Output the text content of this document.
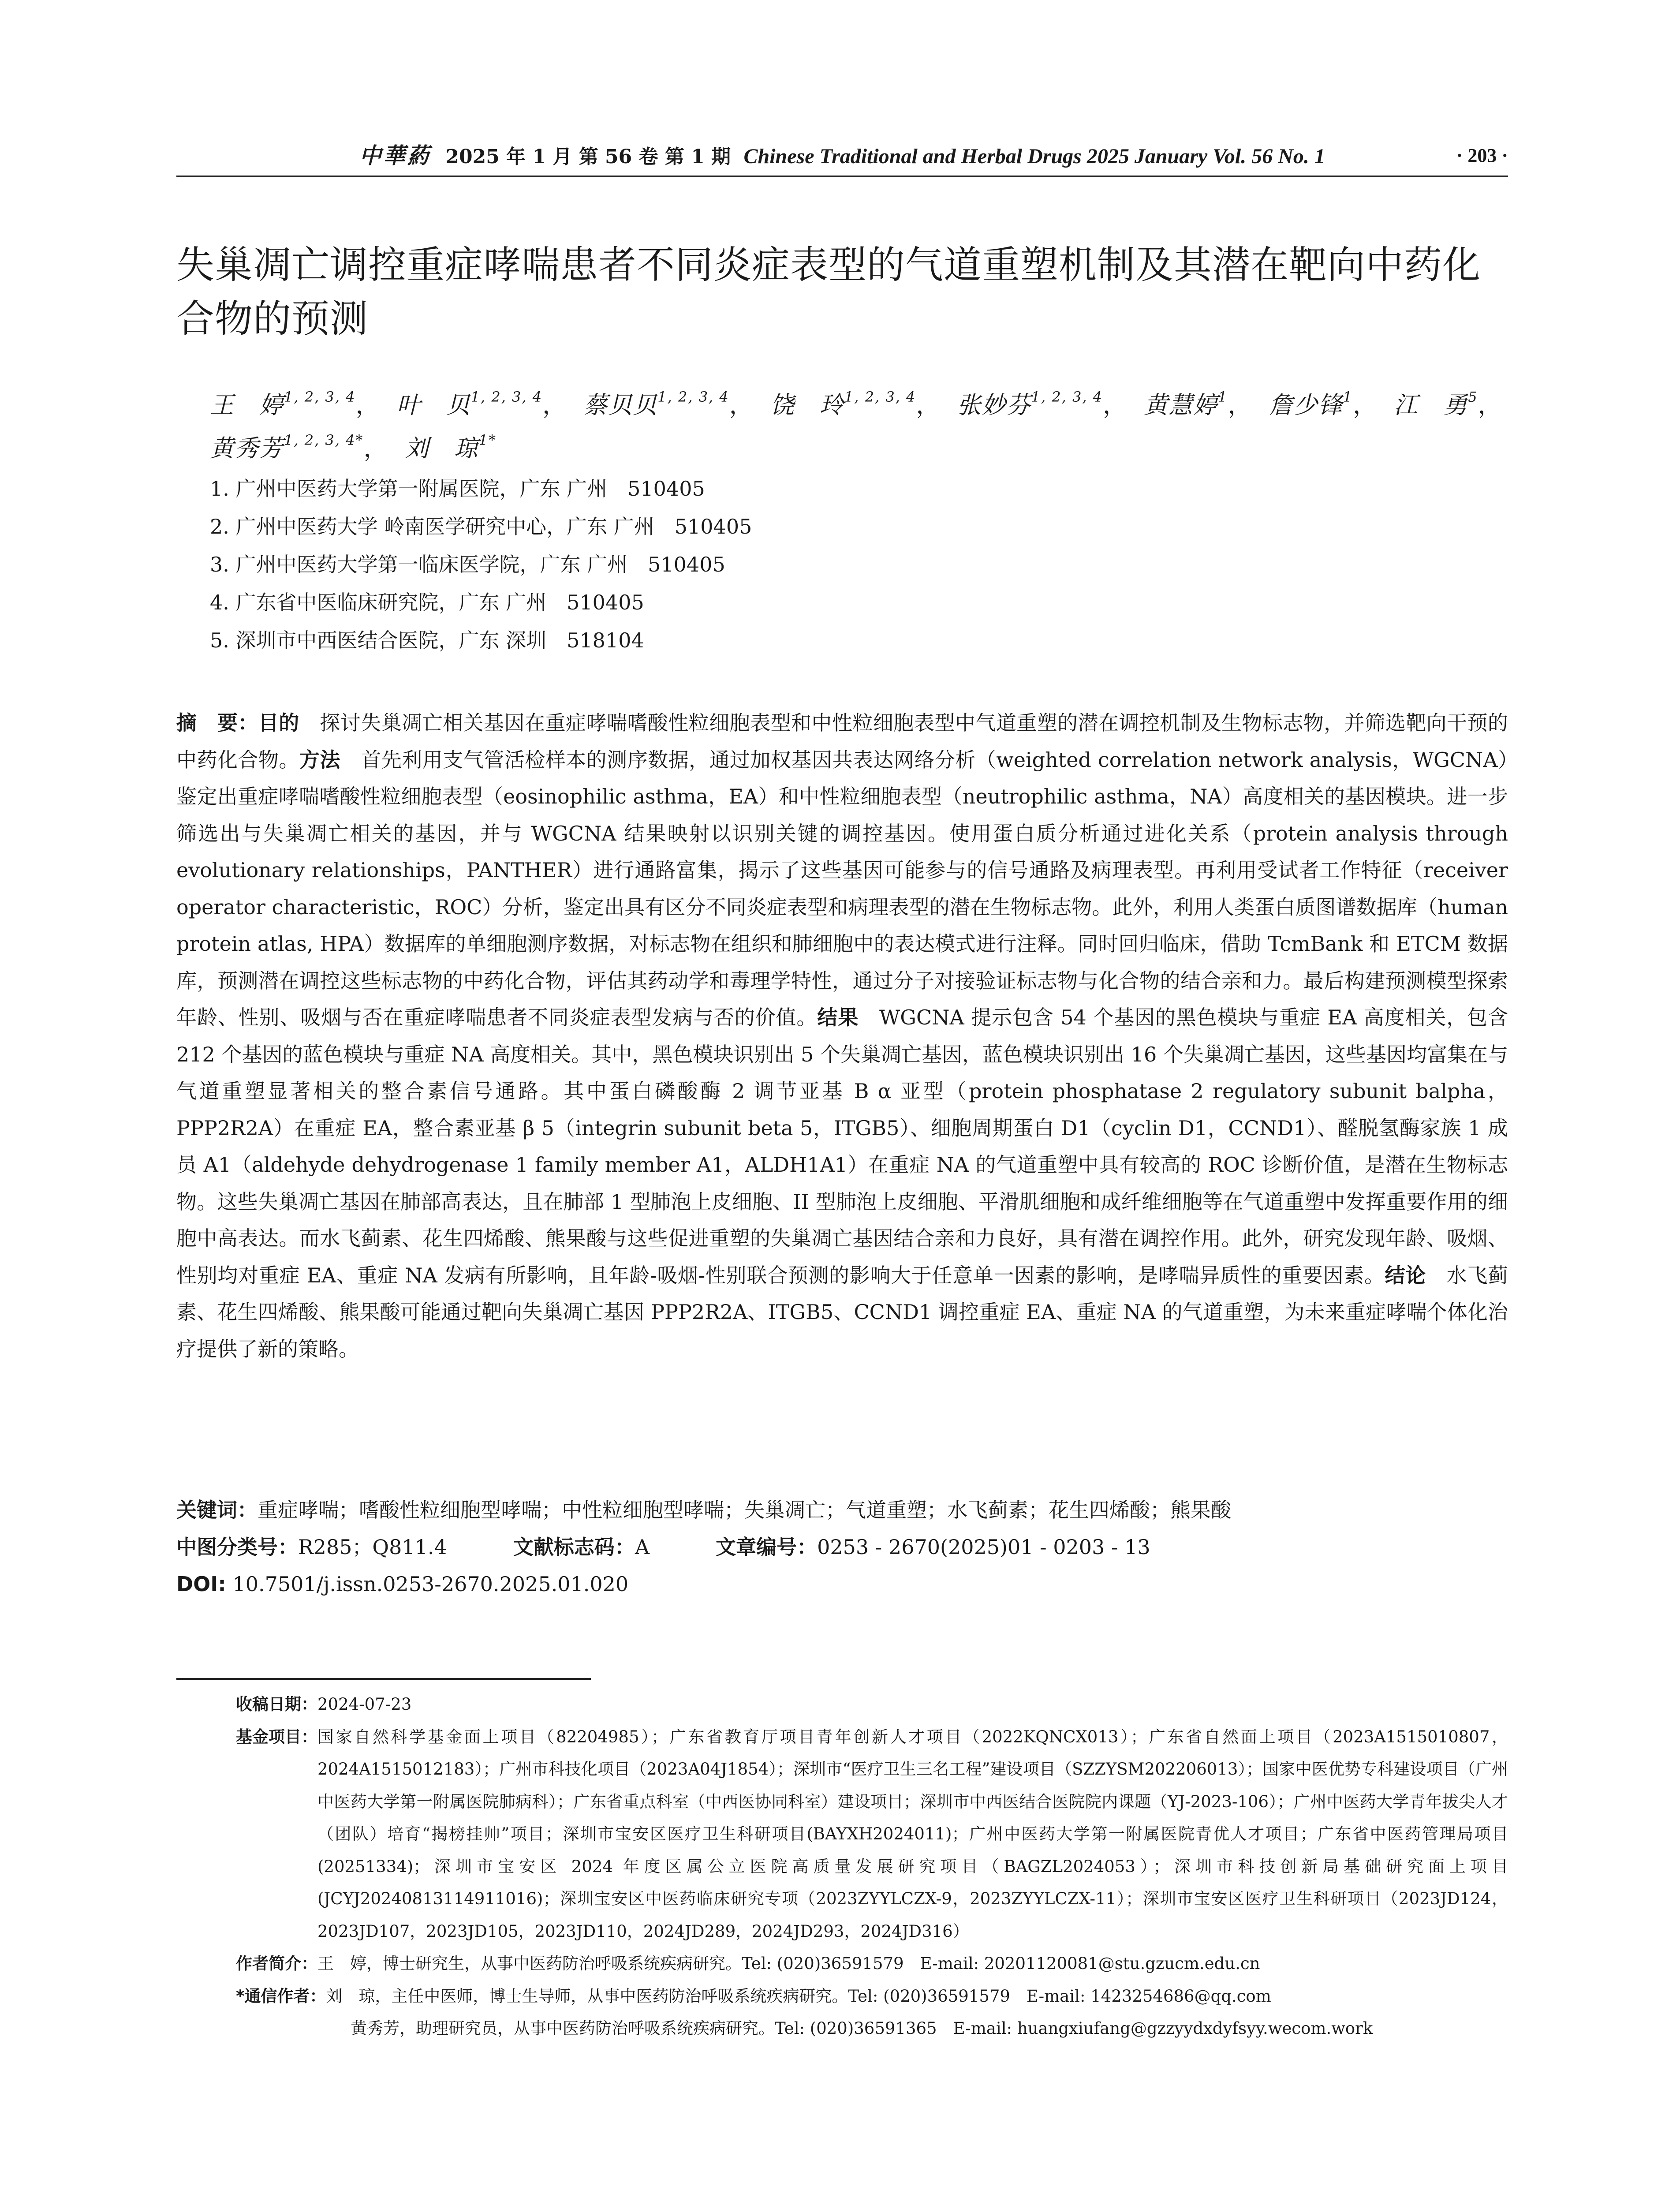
中華葯 2025 年 1 月 第 56 卷 第 1 期 Chinese Traditional and Herbal Drugs 2025 January Vol. 56 No. 1	· 203 ·
失巢凋亡调控重症哮喘患者不同炎症表型的气道重塑机制及其潜在靶向中药化合物的预测
王　婷$^{1, 2, 3, 4}$， 叶　贝$^{1, 2, 3, 4}$， 蔡贝贝$^{1, 2, 3, 4}$， 饶　玲$^{1, 2, 3, 4}$， 张妙芬$^{1, 2, 3, 4}$， 黄慧婷$^1$， 詹少锋$^1$， 江　勇$^5$，
黄秀芳$^{1, 2, 3, 4*}$， 刘　琼$^{1*}$
1. 广州中医药大学第一附属医院，广东 广州　510405
2. 广州中医药大学 岭南医学研究中心，广东 广州　510405
3. 广州中医药大学第一临床医学院，广东 广州　510405
4. 广东省中医临床研究院，广东 广州　510405
5. 深圳市中西医结合医院，广东 深圳　518104
摘　要：目的　 探讨失巢凋亡相关基因在重症哮喘嗜酸性粒细胞表型和中性粒细胞表型中气道重塑的潜在调控机制及生物标志物，并筛选靶向干预的中药化合物。方法　 首先利用支气管活检样本的测序数据，通过加权基因共表达网络分析（weighted correlation network analysis，WGCNA）鉴定出重症哮喘嗜酸性粒细胞表型（eosinophilic asthma，EA）和中性粒细胞表型（neutrophilic asthma，NA）高度相关的基因模块。进一步筛选出与失巢凋亡相关的基因，并与 WGCNA 结果映射以识别关键的调控基因。使用蛋白质分析通过进化关系（protein analysis through evolutionary relationships，PANTHER）进行通路富集，揭示了这些基因可能参与的信号通路及病理表型。再利用受试者工作特征（receiver operator characteristic，ROC）分析，鉴定出具有区分不同炎症表型和病理表型的潜在生物标志物。此外，利用人类蛋白质图谱数据库（human protein atlas, HPA）数据库的单细胞测序数据，对标志物在组织和肺细胞中的表达模式进行注释。同时回归临床，借助 TcmBank 和 ETCM 数据库，预测潜在调控这些标志物的中药化合物，评估其药动学和毒理学特性，通过分子对接验证标志物与化合物的结合亲和力。最后构建预测模型探索年龄、性别、吸烟与否在重症哮喘患者不同炎症表型发病与否的价值。结果　 WGCNA 提示包含 54 个基因的黑色模块与重症 EA 高度相关，包含 212 个基因的蓝色模块与重症 NA 高度相关。其中，黑色模块识别出 5 个失巢凋亡基因，蓝色模块识别出 16 个失巢凋亡基因，这些基因均富集在与气道重塑显著相关的整合素信号通路。其中蛋白磷酸酶 2 调节亚基 B α 亚型（protein phosphatase 2 regulatory subunit balpha，PPP2R2A）在重症 EA，整合素亚基 β 5（integrin subunit beta 5，ITGB5）、细胞周期蛋白 D1（cyclin D1，CCND1）、醛脱氢酶家族 1 成员 A1（aldehyde dehydrogenase 1 family member A1，ALDH1A1）在重症 NA 的气道重塑中具有较高的 ROC 诊断价值，是潜在生物标志物。这些失巢凋亡基因在肺部高表达，且在肺部 1 型肺泡上皮细胞、II 型肺泡上皮细胞、平滑肌细胞和成纤维细胞等在气道重塑中发挥重要作用的细胞中高表达。而水飞蓟素、花生四烯酸、熊果酸与这些促进重塑的失巢凋亡基因结合亲和力良好，具有潜在调控作用。此外，研究发现年龄、吸烟、性别均对重症 EA、重症 NA 发病有所影响，且年龄-吸烟-性别联合预测的影响大于任意单一因素的影响，是哮喘异质性的重要因素。结论　 水飞蓟素、花生四烯酸、熊果酸可能通过靶向失巢凋亡基因 PPP2R2A、ITGB5、CCND1 调控重症 EA、重症 NA 的气道重塑，为未来重症哮喘个体化治疗提供了新的策略。
关键词：重症哮喘；嗜酸性粒细胞型哮喘；中性粒细胞型哮喘；失巢凋亡；气道重塑；水飞蓟素；花生四烯酸；熊果酸
中图分类号：R285；Q811.4	文献标志码：A	文章编号：0253 - 2670(2025)01 - 0203 - 13
DOI: 10.7501/j.issn.0253-2670.2025.01.020
收稿日期： 2024-07-23
基金项目： 国家自然科学基金面上项目（82204985）；广东省教育厅项目青年创新人才项目（2022KQNCX013）；广东省自然面上项目（2023A1515010807，2024A1515012183）；广州市科技化项目（2023A04J1854）；深圳市“医疗卫生三名工程”建设项目（SZZYSM202206013）；国家中医优势专科建设项目（广州中医药大学第一附属医院肺病科）；广东省重点科室（中西医协同科室）建设项目；深圳市中西医结合医院院内课题（YJ-2023-106）；广州中医药大学青年拔尖人才（团队）培育“揭榜挂帅”项目；深圳市宝安区医疗卫生科研项目(BAYXH2024011)；广州中医药大学第一附属医院青优人才项目；广东省中医药管理局项目(20251334)；深圳市宝安区 2024 年度区属公立医院高质量发展研究项目（BAGZL2024053）；深圳市科技创新局基础研究面上项目(JCYJ20240813114911016)；深圳宝安区中医药临床研究专项（2023ZYYLCZX-9，2023ZYYLCZX-11）；深圳市宝安区医疗卫生科研项目（2023JD124，2023JD107，2023JD105，2023JD110，2024JD289，2024JD293，2024JD316）
作者简介： 王　婷，博士研究生，从事中医药防治呼吸系统疾病研究。Tel: (020)36591579　E-mail: 20201120081@stu.gzucm.edu.cn
*通信作者： 刘　琼，主任中医师，博士生导师，从事中医药防治呼吸系统疾病研究。Tel: (020)36591579　E-mail: 1423254686@qq.com
黄秀芳，助理研究员，从事中医药防治呼吸系统疾病研究。Tel: (020)36591365　E-mail: huangxiufang@gzzyydxdyfsyy.wecom.work
